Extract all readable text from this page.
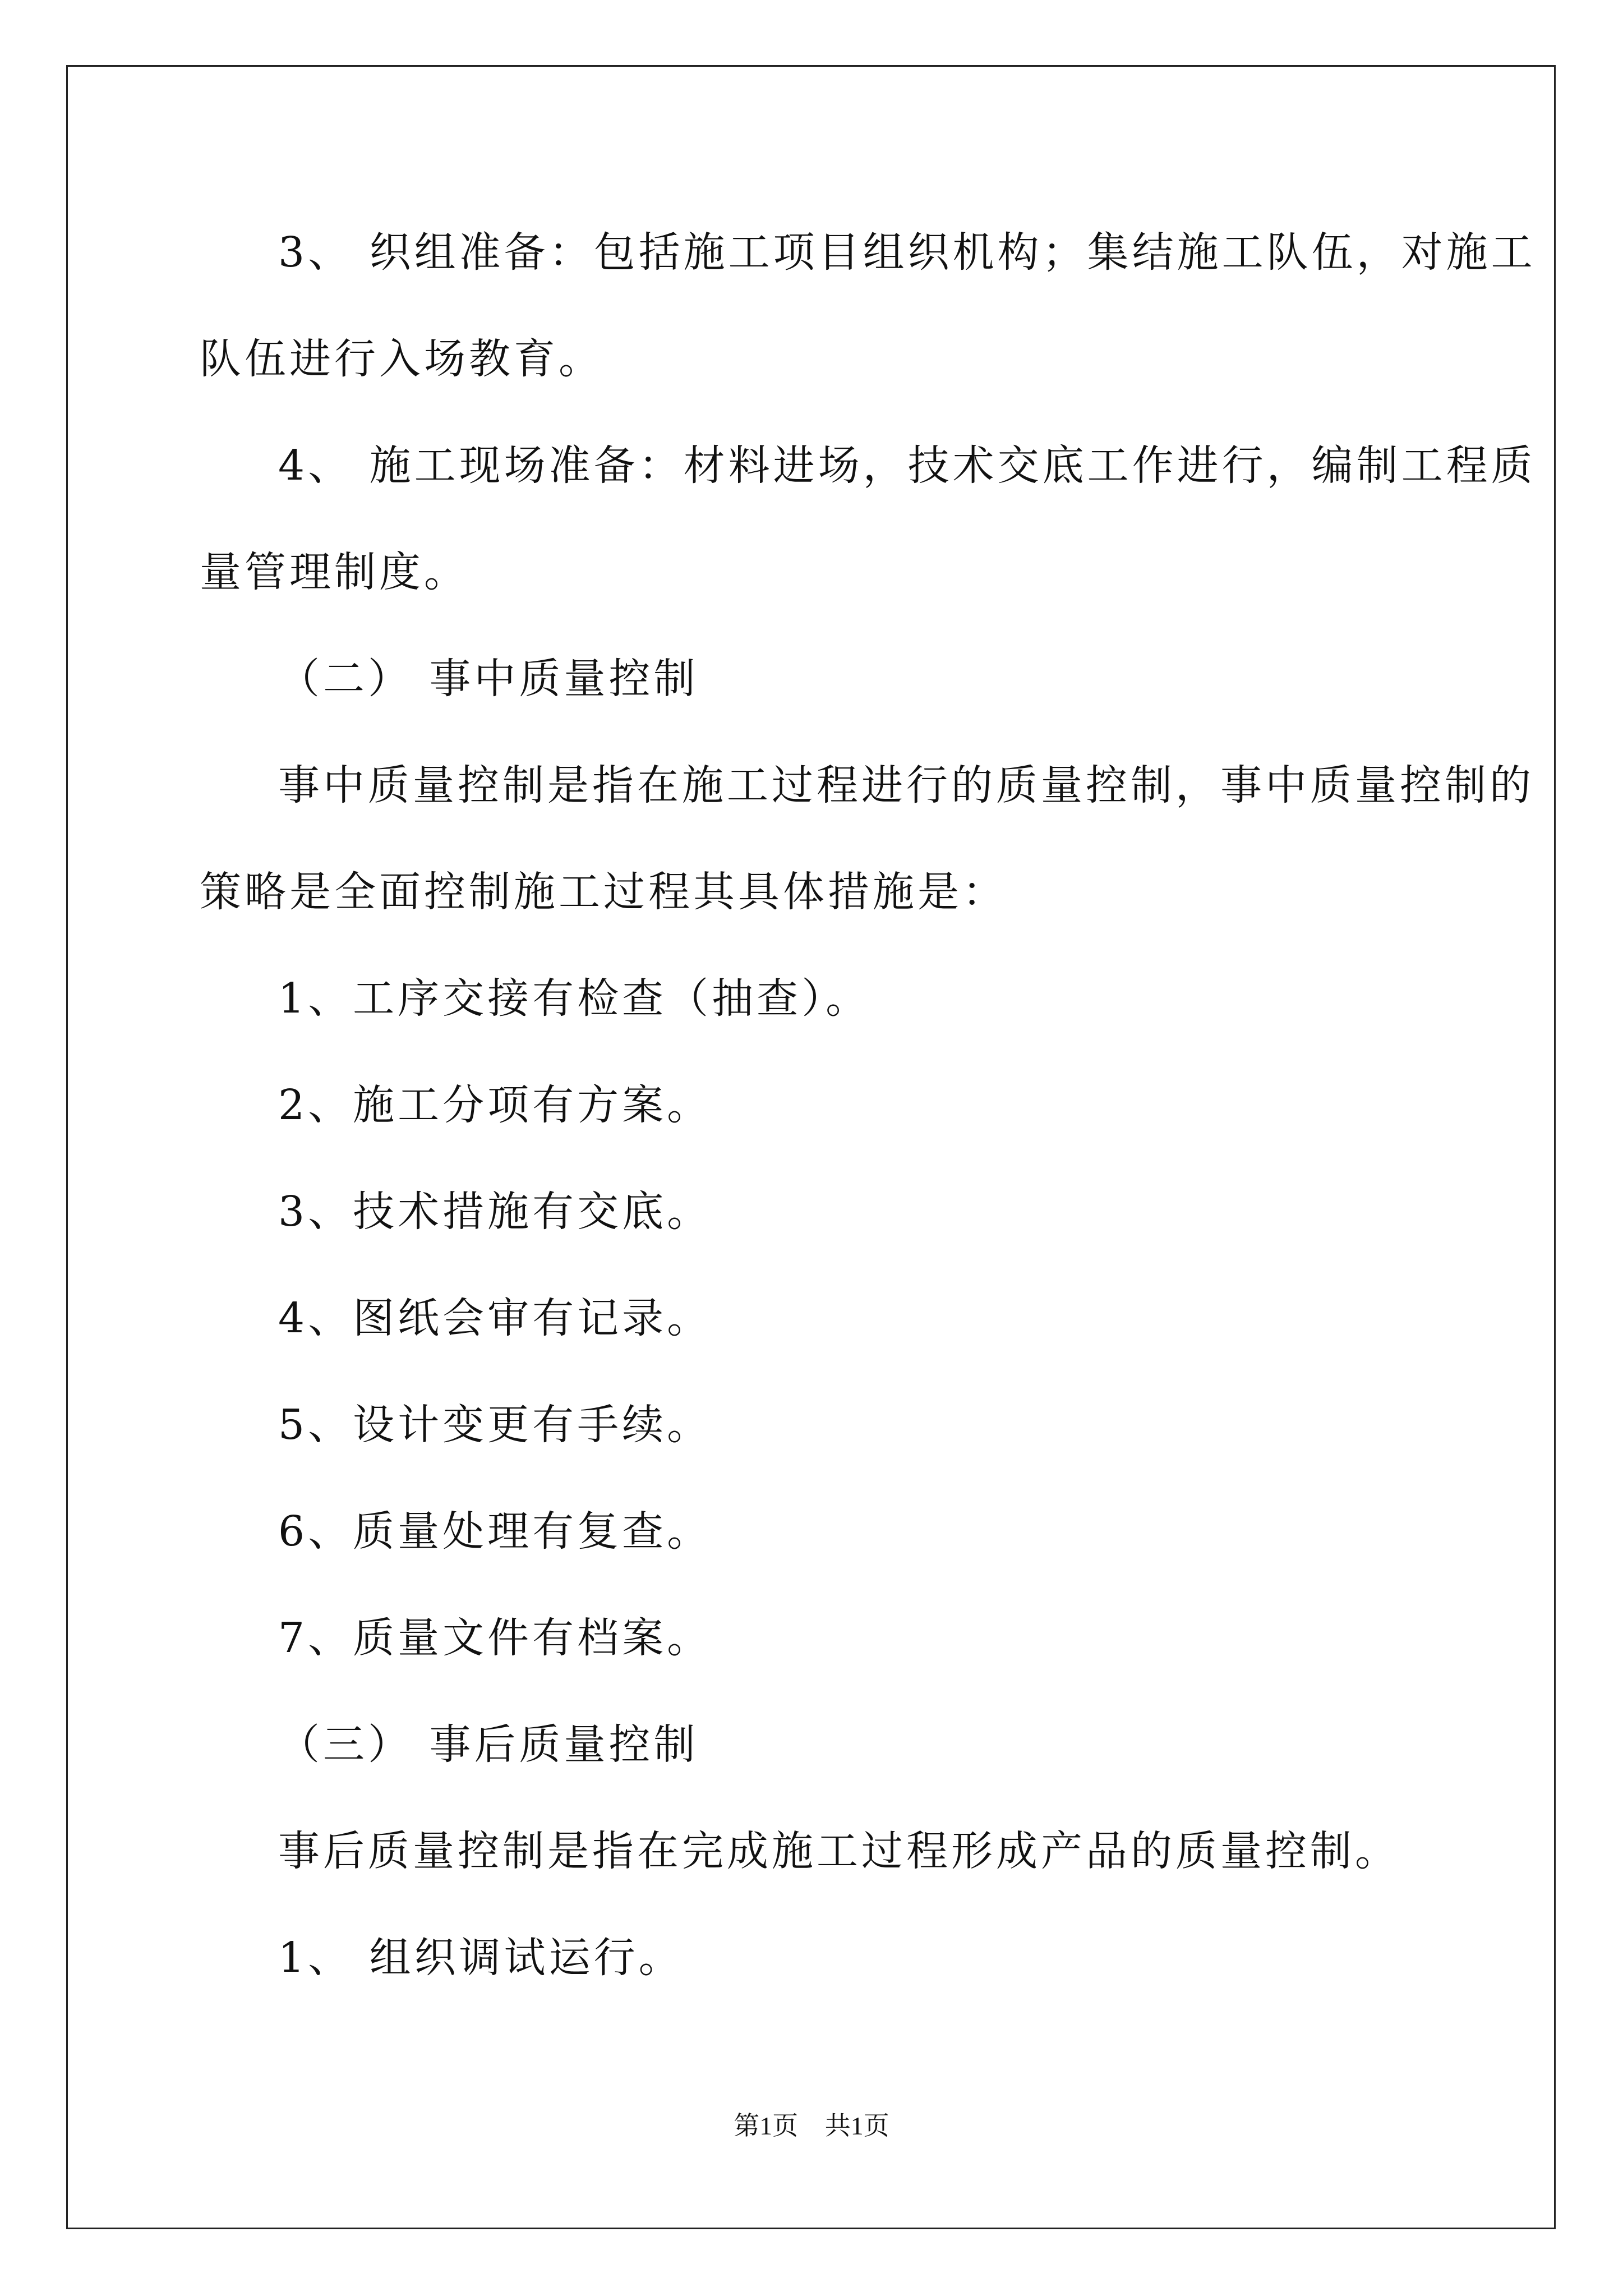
3、 织组准备：包括施工项目组织机构；集结施工队伍，对施工
队伍进行入场教育。
4、 施工现场准备：材料进场，技术交底工作进行，编制工程质
量管理制度。
（二） 事中质量控制
事中质量控制是指在施工过程进行的质量控制，事中质量控制的
策略是全面控制施工过程其具体措施是：
1、工序交接有检查（抽查）。
2、施工分项有方案。
3、技术措施有交底。
4、图纸会审有记录。
5、设计变更有手续。
6、质量处理有复查。
7、质量文件有档案。
（三） 事后质量控制
事后质量控制是指在完成施工过程形成产品的质量控制。
1、 组织调试运行。
第1页 共1页
